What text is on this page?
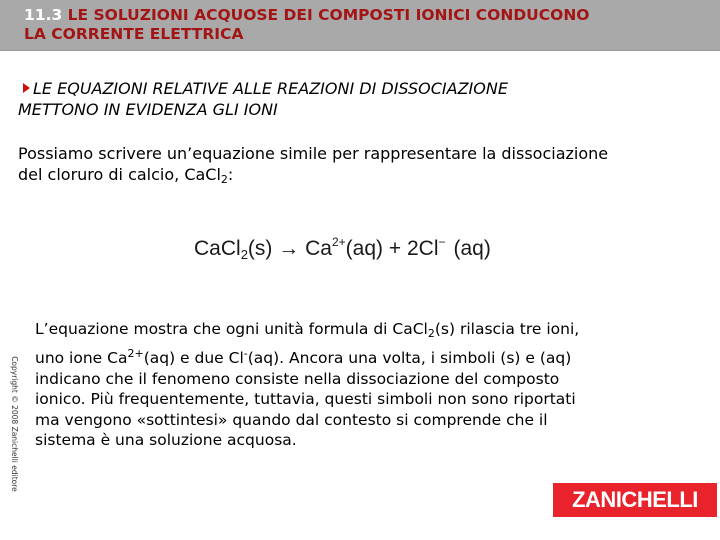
11.3 LE SOLUZIONI ACQUOSE DEI COMPOSTI IONICI CONDUCONO
LA CORRENTE ELETTRICA
LE EQUAZIONI RELATIVE ALLE REAZIONI DI DISSOCIAZIONE
METTONO IN EVIDENZA GLI IONI
Possiamo scrivere un’equazione simile per rappresentare la dissociazione
del cloruro di calcio, CaCl$_2$:
CaCl$_2$(s) → $Ca^{2+}(aq) + 2Cl^-$ (aq)
L’equazione mostra che ogni unità formula di CaCl$_2$(s) rilascia tre ioni,
uno ione $Ca^{2+}(aq)$ e due Cl-(aq). Ancora una volta, i simboli (s) e (aq)
indicano che il fenomeno consiste nella dissociazione del composto
ionico. Più frequentemente, tuttavia, questi simboli non sono riportati
ma vengono «sottintesi» quando dal contesto si comprende che il
sistema è una soluzione acquosa.
Copyright © 2008 Zanichelli editore
ZANICHELLI
